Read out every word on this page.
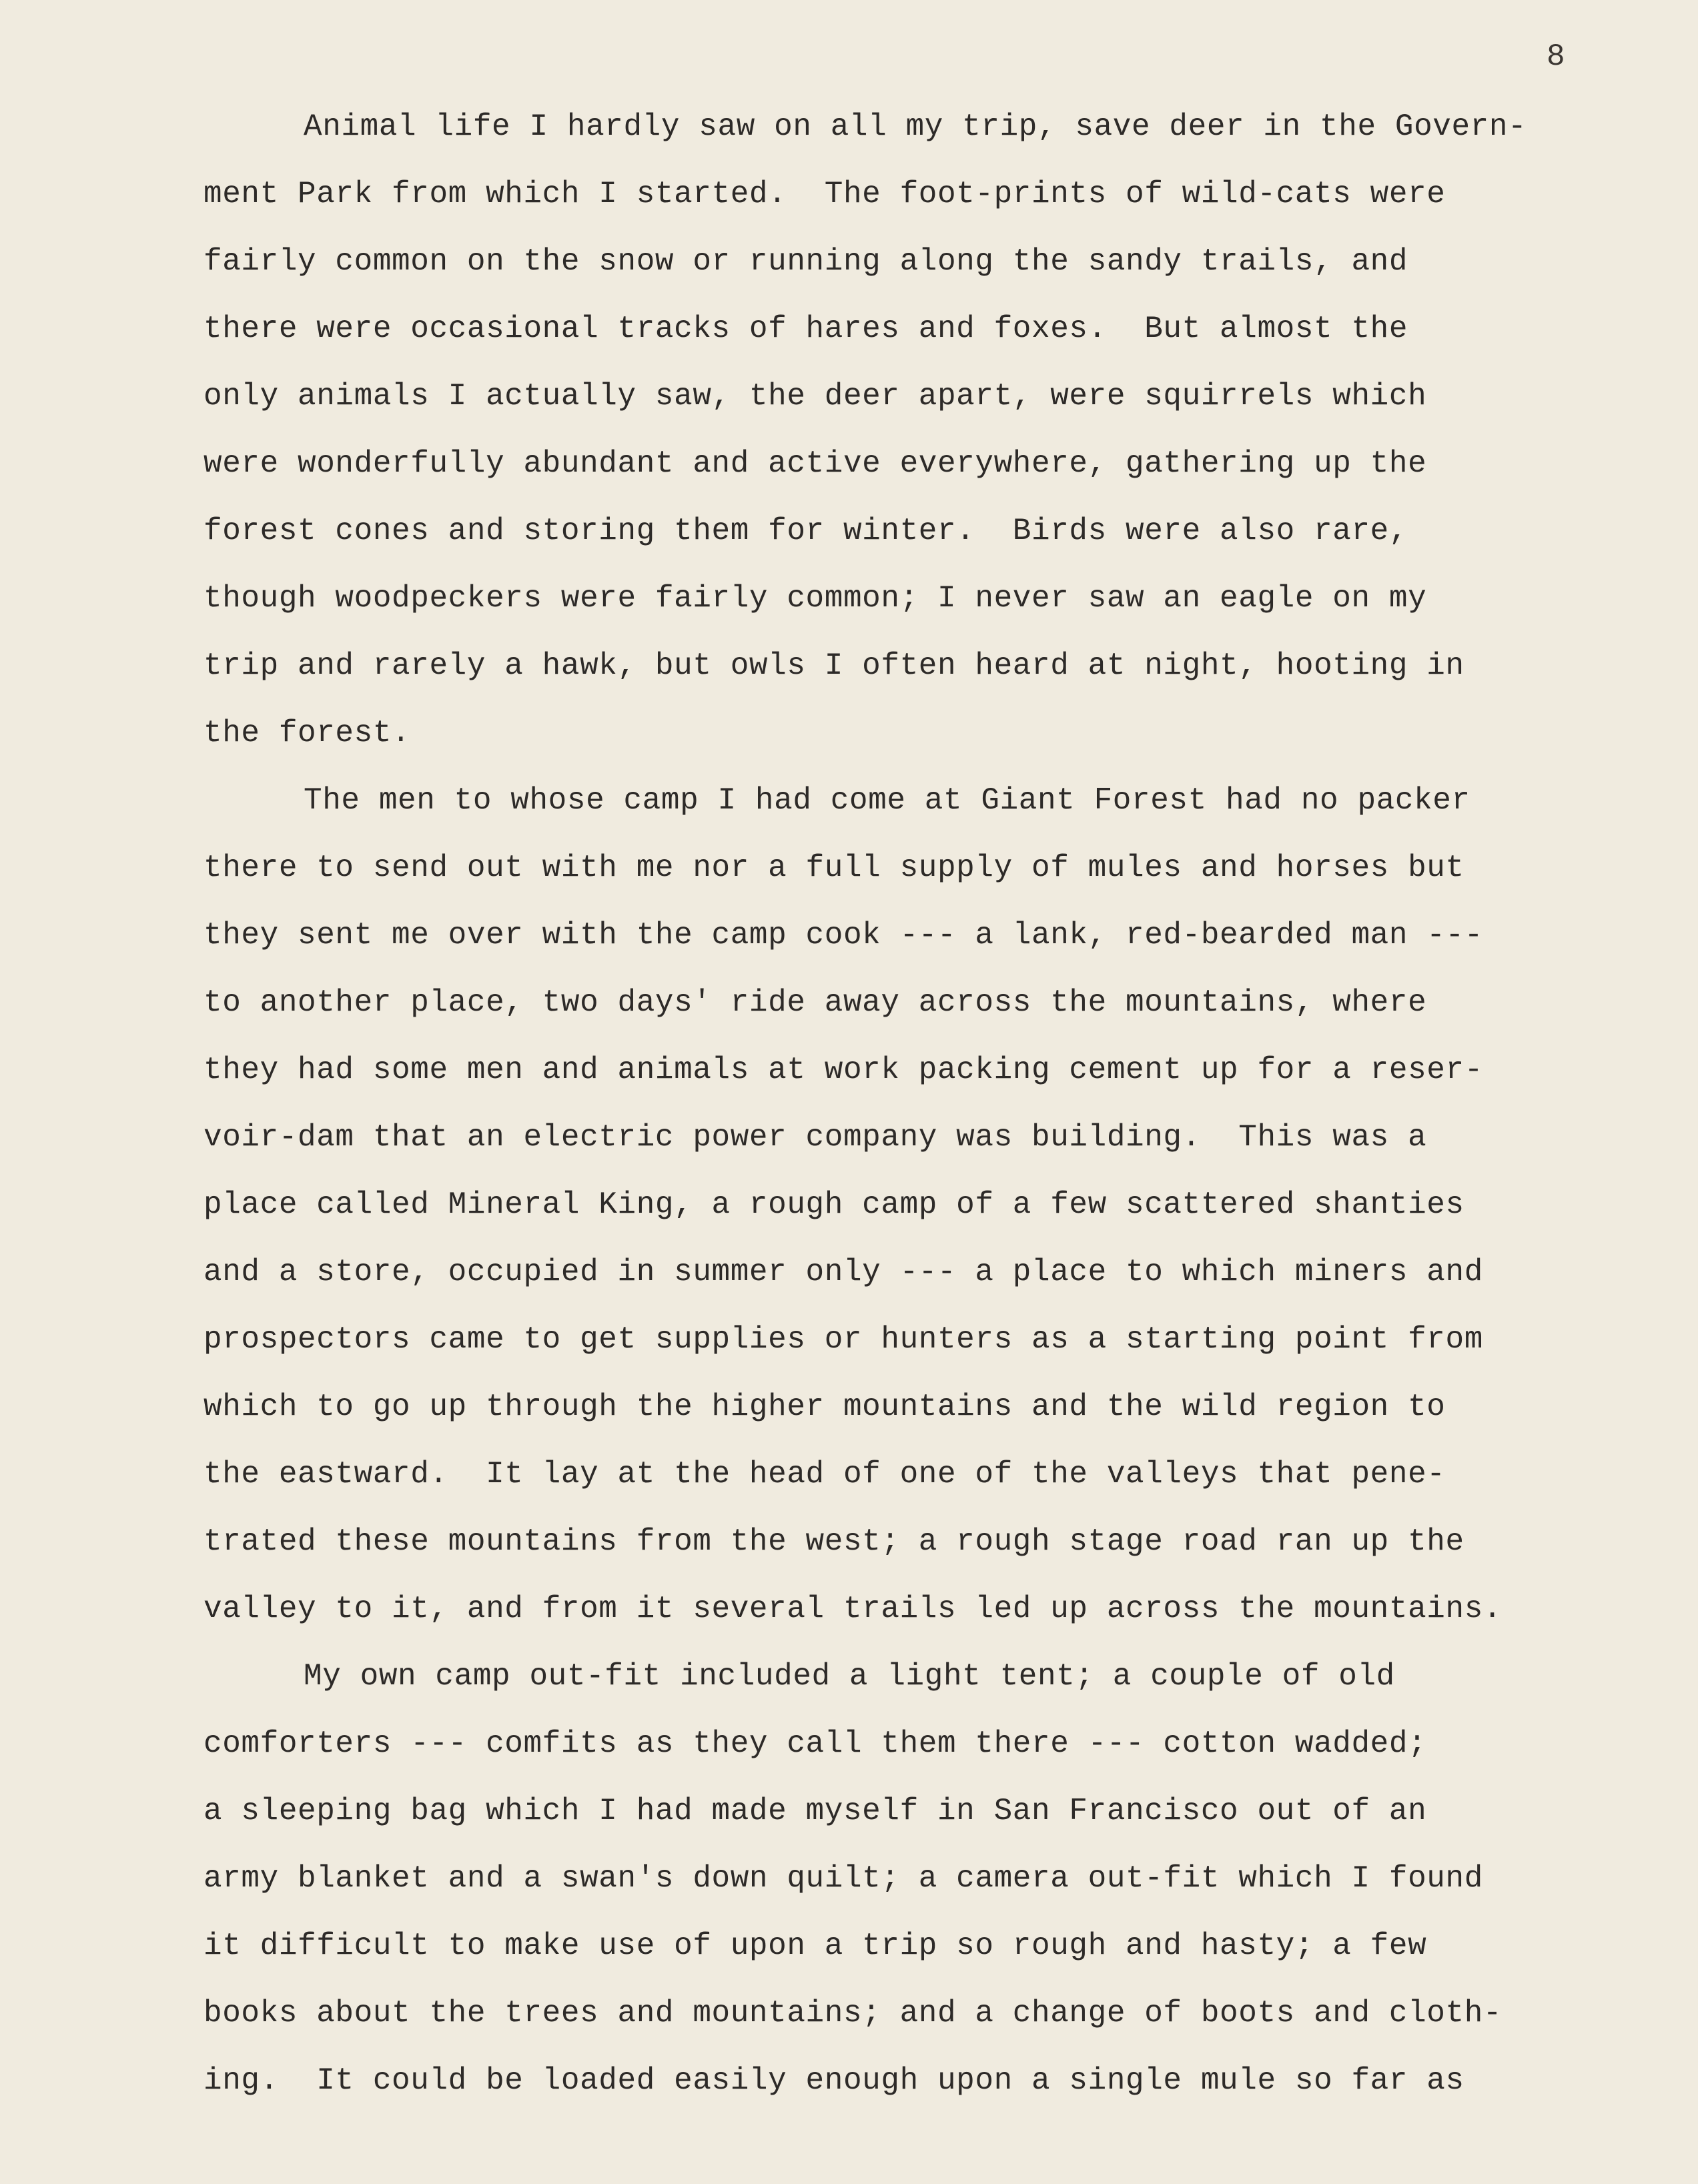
8
Animal life I hardly saw on all my trip, save deer in the Govern-
ment Park from which I started.  The foot-prints of wild-cats were
fairly common on the snow or running along the sandy trails, and
there were occasional tracks of hares and foxes.  But almost the
only animals I actually saw, the deer apart, were squirrels which
were wonderfully abundant and active everywhere, gathering up the
forest cones and storing them for winter.  Birds were also rare,
though woodpeckers were fairly common; I never saw an eagle on my
trip and rarely a hawk, but owls I often heard at night, hooting in
the forest.
The men to whose camp I had come at Giant Forest had no packer
there to send out with me nor a full supply of mules and horses but
they sent me over with the camp cook --- a lank, red-bearded man ---
to another place, two days' ride away across the mountains, where
they had some men and animals at work packing cement up for a reser-
voir-dam that an electric power company was building.  This was a
place called Mineral King, a rough camp of a few scattered shanties
and a store, occupied in summer only --- a place to which miners and
prospectors came to get supplies or hunters as a starting point from
which to go up through the higher mountains and the wild region to
the eastward.  It lay at the head of one of the valleys that pene-
trated these mountains from the west; a rough stage road ran up the
valley to it, and from it several trails led up across the mountains.
My own camp out-fit included a light tent; a couple of old
comforters --- comfits as they call them there --- cotton wadded;
a sleeping bag which I had made myself in San Francisco out of an
army blanket and a swan's down quilt; a camera out-fit which I found
it difficult to make use of upon a trip so rough and hasty; a few
books about the trees and mountains; and a change of boots and cloth-
ing.  It could be loaded easily enough upon a single mule so far as
